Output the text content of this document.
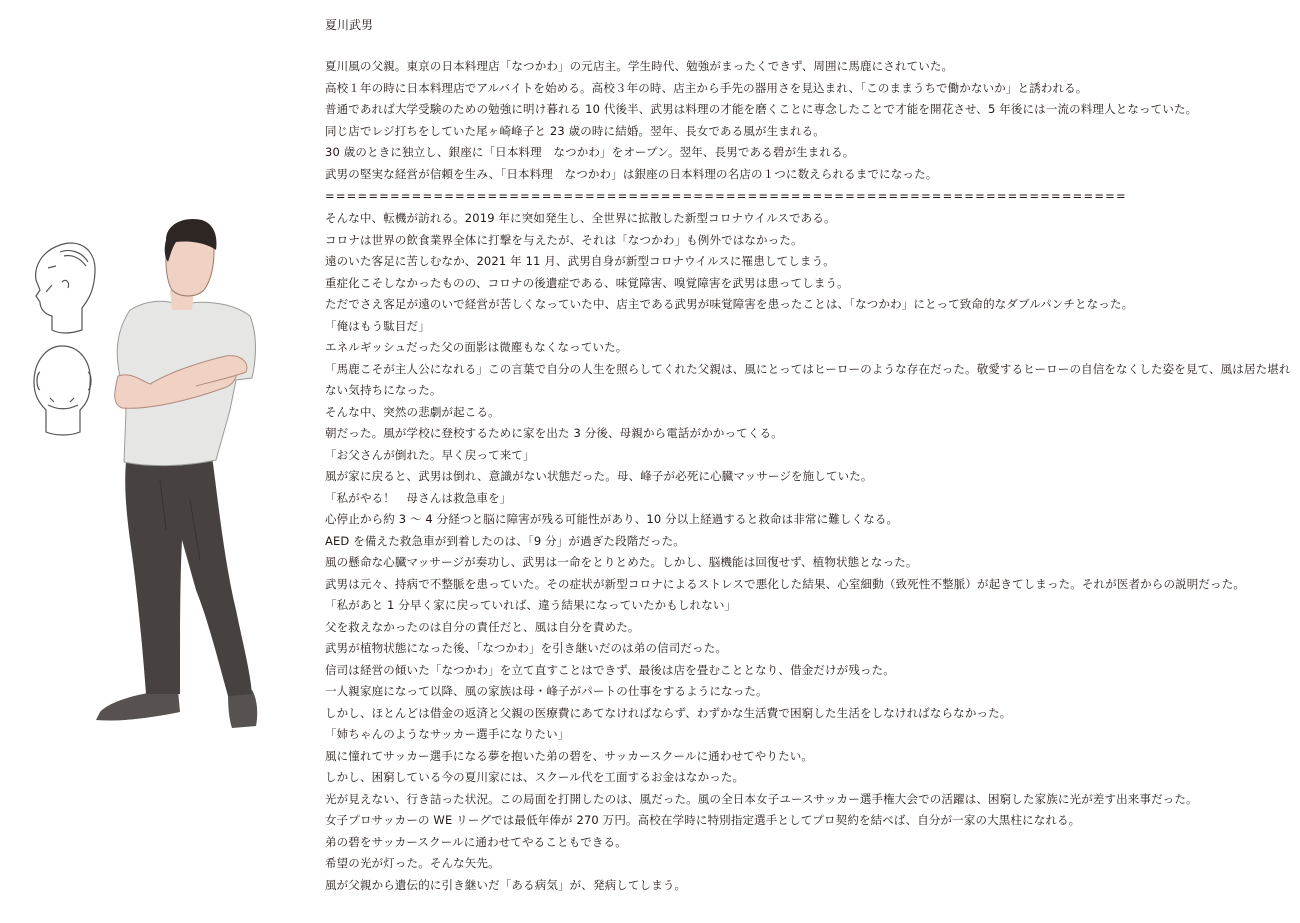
夏川武男

夏川風の父親。東京の日本料理店「なつかわ」の元店主。学生時代、勉強がまったくできず、周囲に馬鹿にされていた。

高校１年の時に日本料理店でアルバイトを始める。高校３年の時、店主から手先の器用さを見込まれ、「このままうちで働かないか」と誘われる。

普通であれば大学受験のための勉強に明け暮れる 10 代後半、武男は料理の才能を磨くことに専念したことで才能を開花させ、5 年後には一流の料理人となっていた。

同じ店でレジ打ちをしていた尾ヶ崎峰子と 23 歳の時に結婚。翌年、長女である風が生まれる。

30 歳のときに独立し、銀座に「日本料理　なつかわ」をオープン。翌年、長男である碧が生まれる。

武男の堅実な経営が信頼を生み、「日本料理　なつかわ」は銀座の日本料理の名店の１つに数えられるまでになった。

==========================================================================

そんな中、転機が訪れる。2019 年に突如発生し、全世界に拡散した新型コロナウイルスである。

コロナは世界の飲食業界全体に打撃を与えたが、それは「なつかわ」も例外ではなかった。

遠のいた客足に苦しむなか、2021 年 11 月、武男自身が新型コロナウイルスに罹患してしまう。

重症化こそしなかったものの、コロナの後遺症である、味覚障害、嗅覚障害を武男は患ってしまう。

ただでさえ客足が遠のいで経営が苦しくなっていた中、店主である武男が味覚障害を患ったことは、「なつかわ」にとって致命的なダブルパンチとなった。

「俺はもう駄目だ」

エネルギッシュだった父の面影は微塵もなくなっていた。

「馬鹿こそが主人公になれる」この言葉で自分の人生を照らしてくれた父親は、風にとってはヒーローのような存在だった。敬愛するヒーローの自信をなくした姿を見て、風は居た堪れない気持ちになった。

そんな中、突然の悲劇が起こる。

朝だった。風が学校に登校するために家を出た 3 分後、母親から電話がかかってくる。

「お父さんが倒れた。早く戻って来て」

風が家に戻ると、武男は倒れ、意識がない状態だった。母、峰子が必死に心臓マッサージを施していた。

「私がやる！　母さんは救急車を」

心停止から約 3 〜 4 分経つと脳に障害が残る可能性があり、10 分以上経過すると救命は非常に難しくなる。

AED を備えた救急車が到着したのは、「9 分」が過ぎた段階だった。

風の懸命な心臓マッサージが奏功し、武男は一命をとりとめた。しかし、脳機能は回復せず、植物状態となった。

武男は元々、持病で不整脈を患っていた。その症状が新型コロナによるストレスで悪化した結果、心室細動（致死性不整脈）が起きてしまった。それが医者からの説明だった。

「私があと 1 分早く家に戻っていれば、違う結果になっていたかもしれない」

父を救えなかったのは自分の責任だと、風は自分を責めた。

武男が植物状態になった後、「なつかわ」を引き継いだのは弟の信司だった。

信司は経営の傾いた「なつかわ」を立て直すことはできず、最後は店を畳むこととなり、借金だけが残った。

一人親家庭になって以降、風の家族は母・峰子がパートの仕事をするようになった。

しかし、ほとんどは借金の返済と父親の医療費にあてなければならず、わずかな生活費で困窮した生活をしなければならなかった。

「姉ちゃんのようなサッカー選手になりたい」

風に憧れてサッカー選手になる夢を抱いた弟の碧を、サッカースクールに通わせてやりたい。

しかし、困窮している今の夏川家には、スクール代を工面するお金はなかった。

光が見えない、行き詰った状況。この局面を打開したのは、風だった。風の全日本女子ユースサッカー選手権大会での活躍は、困窮した家族に光が差す出来事だった。

女子プロサッカーの WE リーグでは最低年俸が 270 万円。高校在学時に特別指定選手としてプロ契約を結べば、自分が一家の大黒柱になれる。

弟の碧をサッカースクールに通わせてやることもできる。

希望の光が灯った。そんな矢先。

風が父親から遺伝的に引き継いだ「ある病気」が、発病してしまう。
